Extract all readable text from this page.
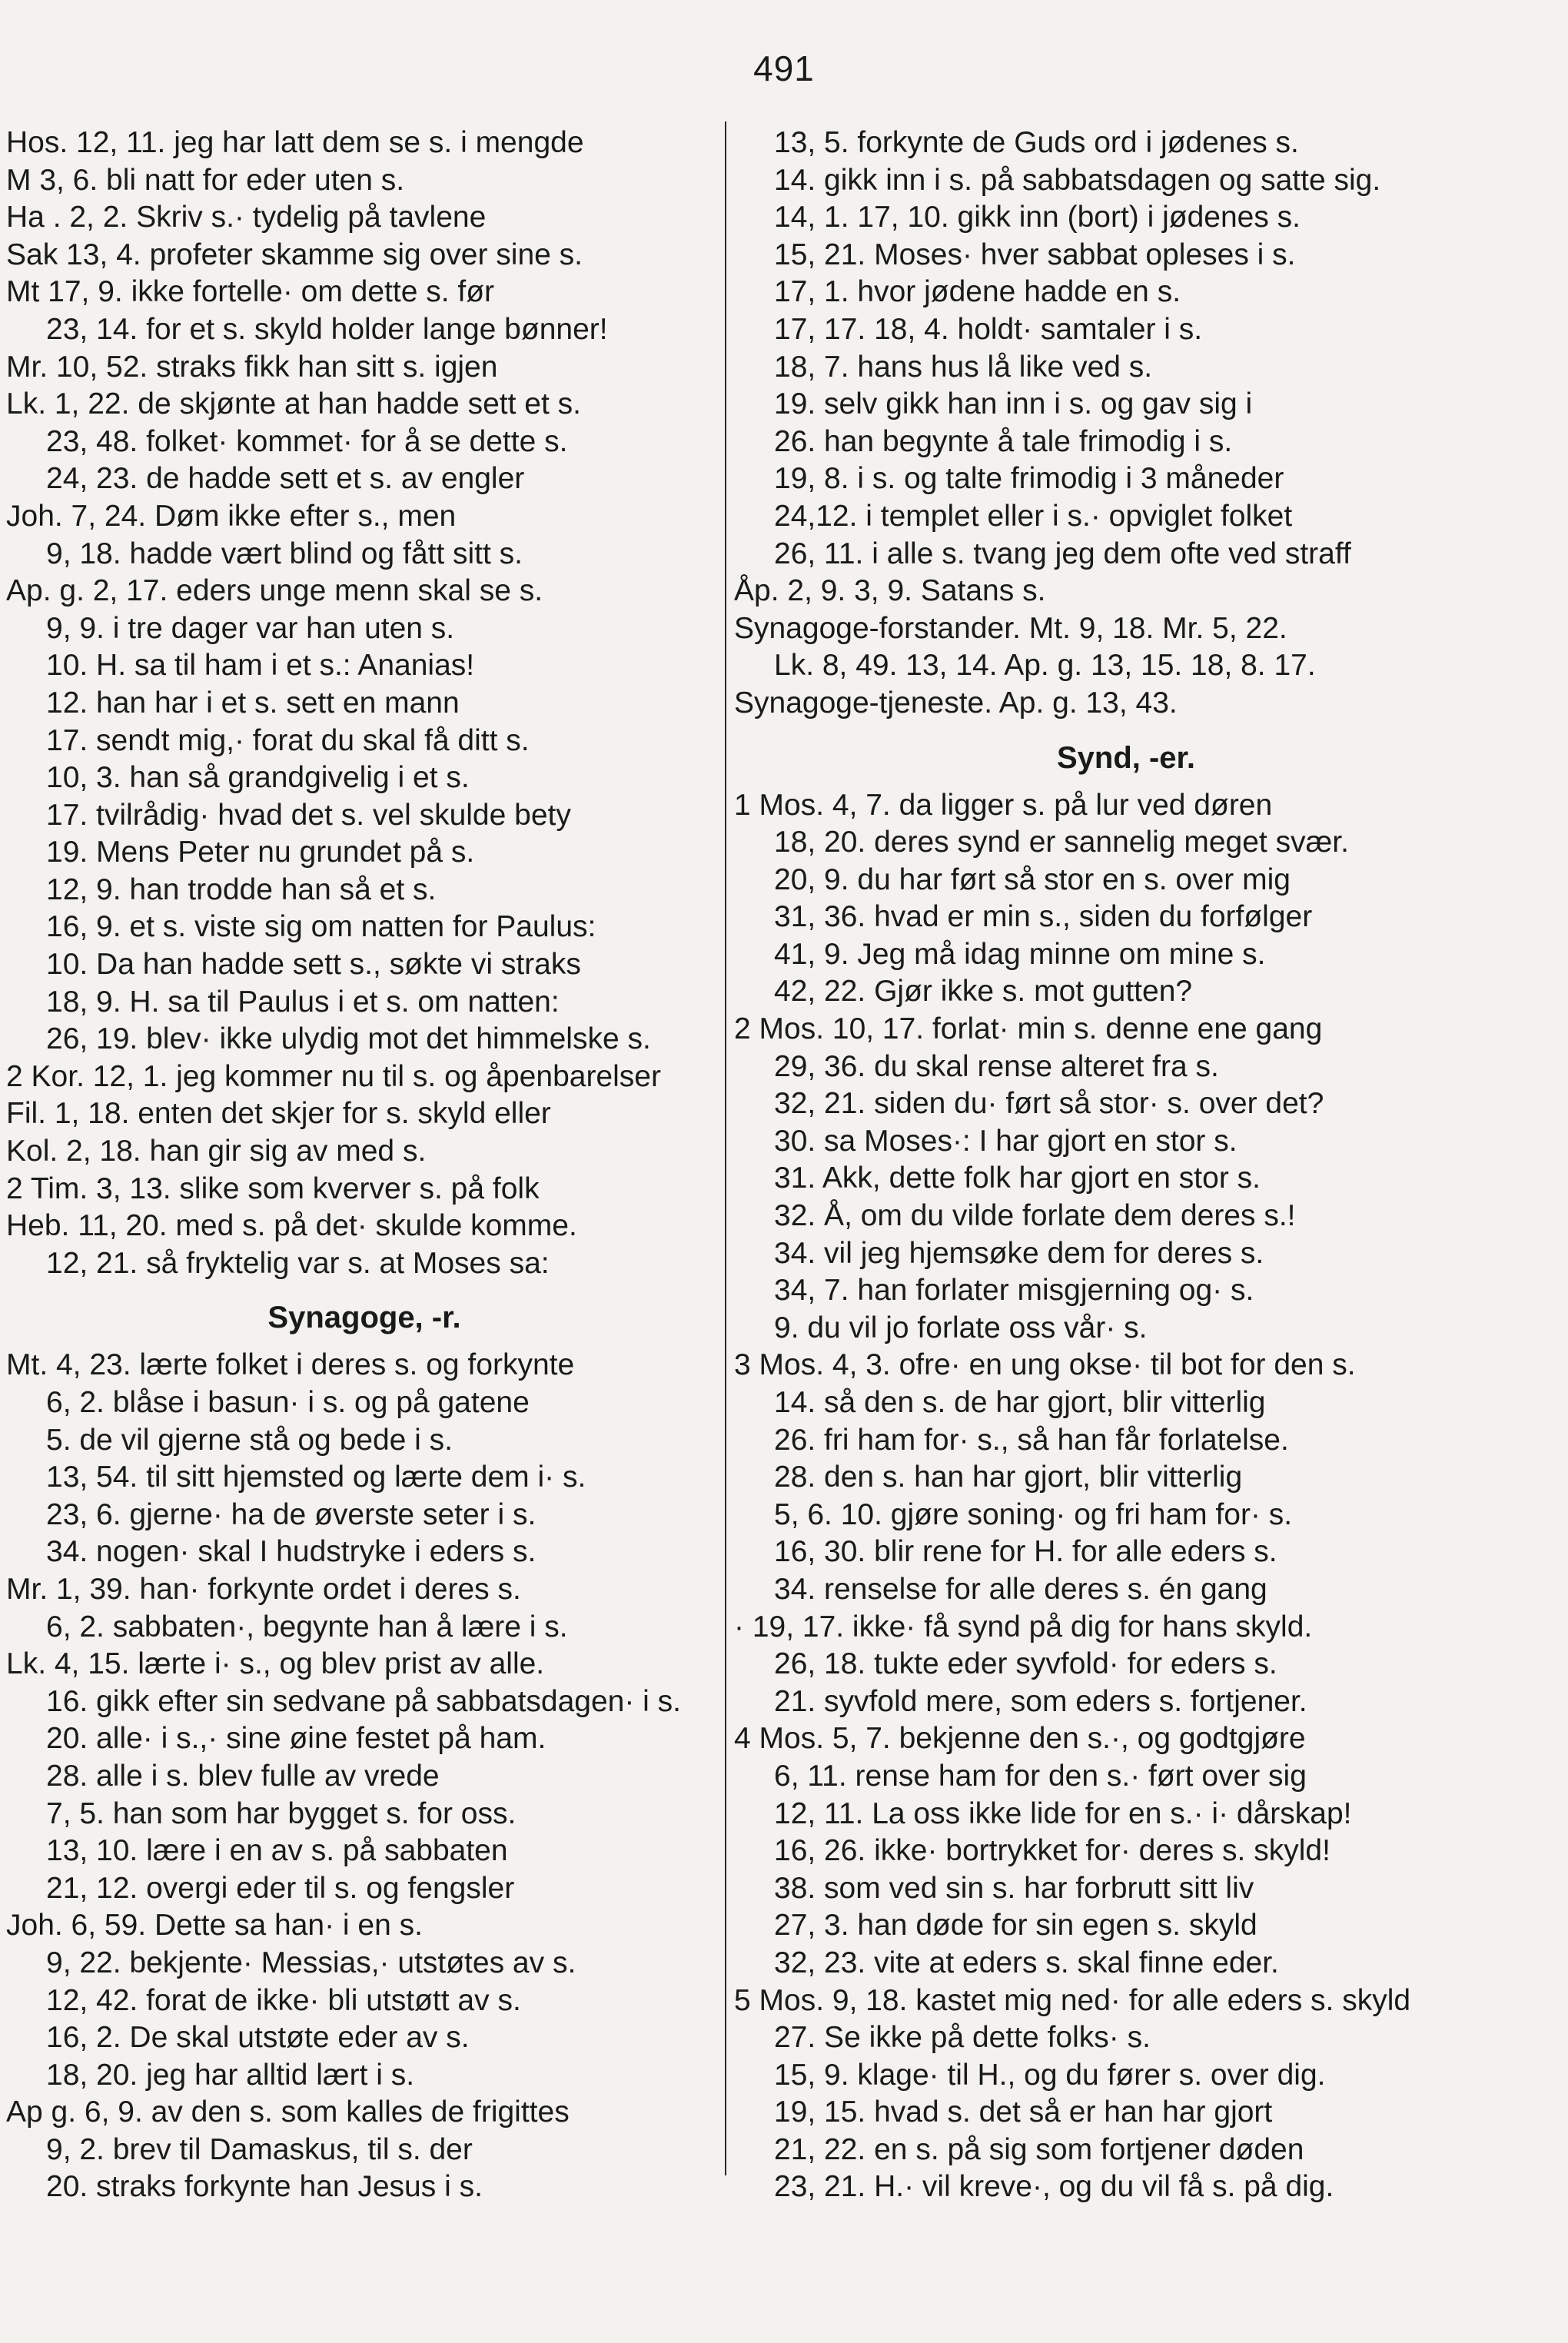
491
Hos. 12, 11. jeg har latt dem se s. i mengde
M 3, 6. bli natt for eder uten s.
Ha . 2, 2. Skriv s.· tydelig på tavlene
Sak 13, 4. profeter skamme sig over sine s.
Mt 17, 9. ikke fortelle· om dette s. før
23, 14. for et s. skyld holder lange bønner!
Mr. 10, 52. straks fikk han sitt s. igjen
Lk. 1, 22. de skjønte at han hadde sett et s.
23, 48. folket· kommet· for å se dette s.
24, 23. de hadde sett et s. av engler
Joh. 7, 24. Døm ikke efter s., men
9, 18. hadde vært blind og fått sitt s.
Ap. g. 2, 17. eders unge menn skal se s.
9, 9. i tre dager var han uten s.
10. H. sa til ham i et s.: Ananias!
12. han har i et s. sett en mann
17. sendt mig,· forat du skal få ditt s.
10, 3. han så grandgivelig i et s.
17. tvilrådig· hvad det s. vel skulde bety
19. Mens Peter nu grundet på s.
12, 9. han trodde han så et s.
16, 9. et s. viste sig om natten for Paulus:
10. Da han hadde sett s., søkte vi straks
18, 9. H. sa til Paulus i et s. om natten:
26, 19. blev· ikke ulydig mot det himmelske s.
2 Kor. 12, 1. jeg kommer nu til s. og åpenbarelser
Fil. 1, 18. enten det skjer for s. skyld eller
Kol. 2, 18. han gir sig av med s.
2 Tim. 3, 13. slike som kverver s. på folk
Heb. 11, 20. med s. på det· skulde komme.
12, 21. så fryktelig var s. at Moses sa:
Synagoge, -r.
Mt. 4, 23. lærte folket i deres s. og forkynte
6, 2. blåse i basun· i s. og på gatene
5. de vil gjerne stå og bede i s.
13, 54. til sitt hjemsted og lærte dem i· s.
23, 6. gjerne· ha de øverste seter i s.
34. nogen· skal I hudstryke i eders s.
Mr. 1, 39. han· forkynte ordet i deres s.
6, 2. sabbaten·, begynte han å lære i s.
Lk. 4, 15. lærte i· s., og blev prist av alle.
16. gikk efter sin sedvane på sabbatsdagen· i s.
20. alle· i s.,· sine øine festet på ham.
28. alle i s. blev fulle av vrede
7, 5. han som har bygget s. for oss.
13, 10. lære i en av s. på sabbaten
21, 12. overgi eder til s. og fengsler
Joh. 6, 59. Dette sa han· i en s.
9, 22. bekjente· Messias,· utstøtes av s.
12, 42. forat de ikke· bli utstøtt av s.
16, 2. De skal utstøte eder av s.
18, 20. jeg har alltid lært i s.
Ap g. 6, 9. av den s. som kalles de frigittes
9, 2. brev til Damaskus, til s. der
20. straks forkynte han Jesus i s.
13, 5. forkynte de Guds ord i jødenes s.
14. gikk inn i s. på sabbatsdagen og satte sig.
14, 1. 17, 10. gikk inn (bort) i jødenes s.
15, 21. Moses· hver sabbat opleses i s.
17, 1. hvor jødene hadde en s.
17, 17. 18, 4. holdt· samtaler i s.
18, 7. hans hus lå like ved s.
19. selv gikk han inn i s. og gav sig i
26. han begynte å tale frimodig i s.
19, 8. i s. og talte frimodig i 3 måneder
24,12. i templet eller i s.· opviglet folket
26, 11. i alle s. tvang jeg dem ofte ved straff
Åp. 2, 9. 3, 9. Satans s.
Synagoge-forstander. Mt. 9, 18. Mr. 5, 22.
Lk. 8, 49. 13, 14. Ap. g. 13, 15. 18, 8. 17.
Synagoge-tjeneste. Ap. g. 13, 43.
Synd, -er.
1 Mos. 4, 7. da ligger s. på lur ved døren
18, 20. deres synd er sannelig meget svær.
20, 9. du har ført så stor en s. over mig
31, 36. hvad er min s., siden du forfølger
41, 9. Jeg må idag minne om mine s.
42, 22. Gjør ikke s. mot gutten?
2 Mos. 10, 17. forlat· min s. denne ene gang
29, 36. du skal rense alteret fra s.
32, 21. siden du· ført så stor· s. over det?
30. sa Moses·: I har gjort en stor s.
31. Akk, dette folk har gjort en stor s.
32. Å, om du vilde forlate dem deres s.!
34. vil jeg hjemsøke dem for deres s.
34, 7. han forlater misgjerning og· s.
9. du vil jo forlate oss vår· s.
3 Mos. 4, 3. ofre· en ung okse· til bot for den s.
14. så den s. de har gjort, blir vitterlig
26. fri ham for· s., så han får forlatelse.
28. den s. han har gjort, blir vitterlig
5, 6. 10. gjøre soning· og fri ham for· s.
16, 30. blir rene for H. for alle eders s.
34. renselse for alle deres s. én gang
· 19, 17. ikke· få synd på dig for hans skyld.
26, 18. tukte eder syvfold· for eders s.
21. syvfold mere, som eders s. fortjener.
4 Mos. 5, 7. bekjenne den s.·, og godtgjøre
6, 11. rense ham for den s.· ført over sig
12, 11. La oss ikke lide for en s.· i· dårskap!
16, 26. ikke· bortrykket for· deres s. skyld!
38. som ved sin s. har forbrutt sitt liv
27, 3. han døde for sin egen s. skyld
32, 23. vite at eders s. skal finne eder.
5 Mos. 9, 18. kastet mig ned· for alle eders s. skyld
27. Se ikke på dette folks· s.
15, 9. klage· til H., og du fører s. over dig.
19, 15. hvad s. det så er han har gjort
21, 22. en s. på sig som fortjener døden
23, 21. H.· vil kreve·, og du vil få s. på dig.
